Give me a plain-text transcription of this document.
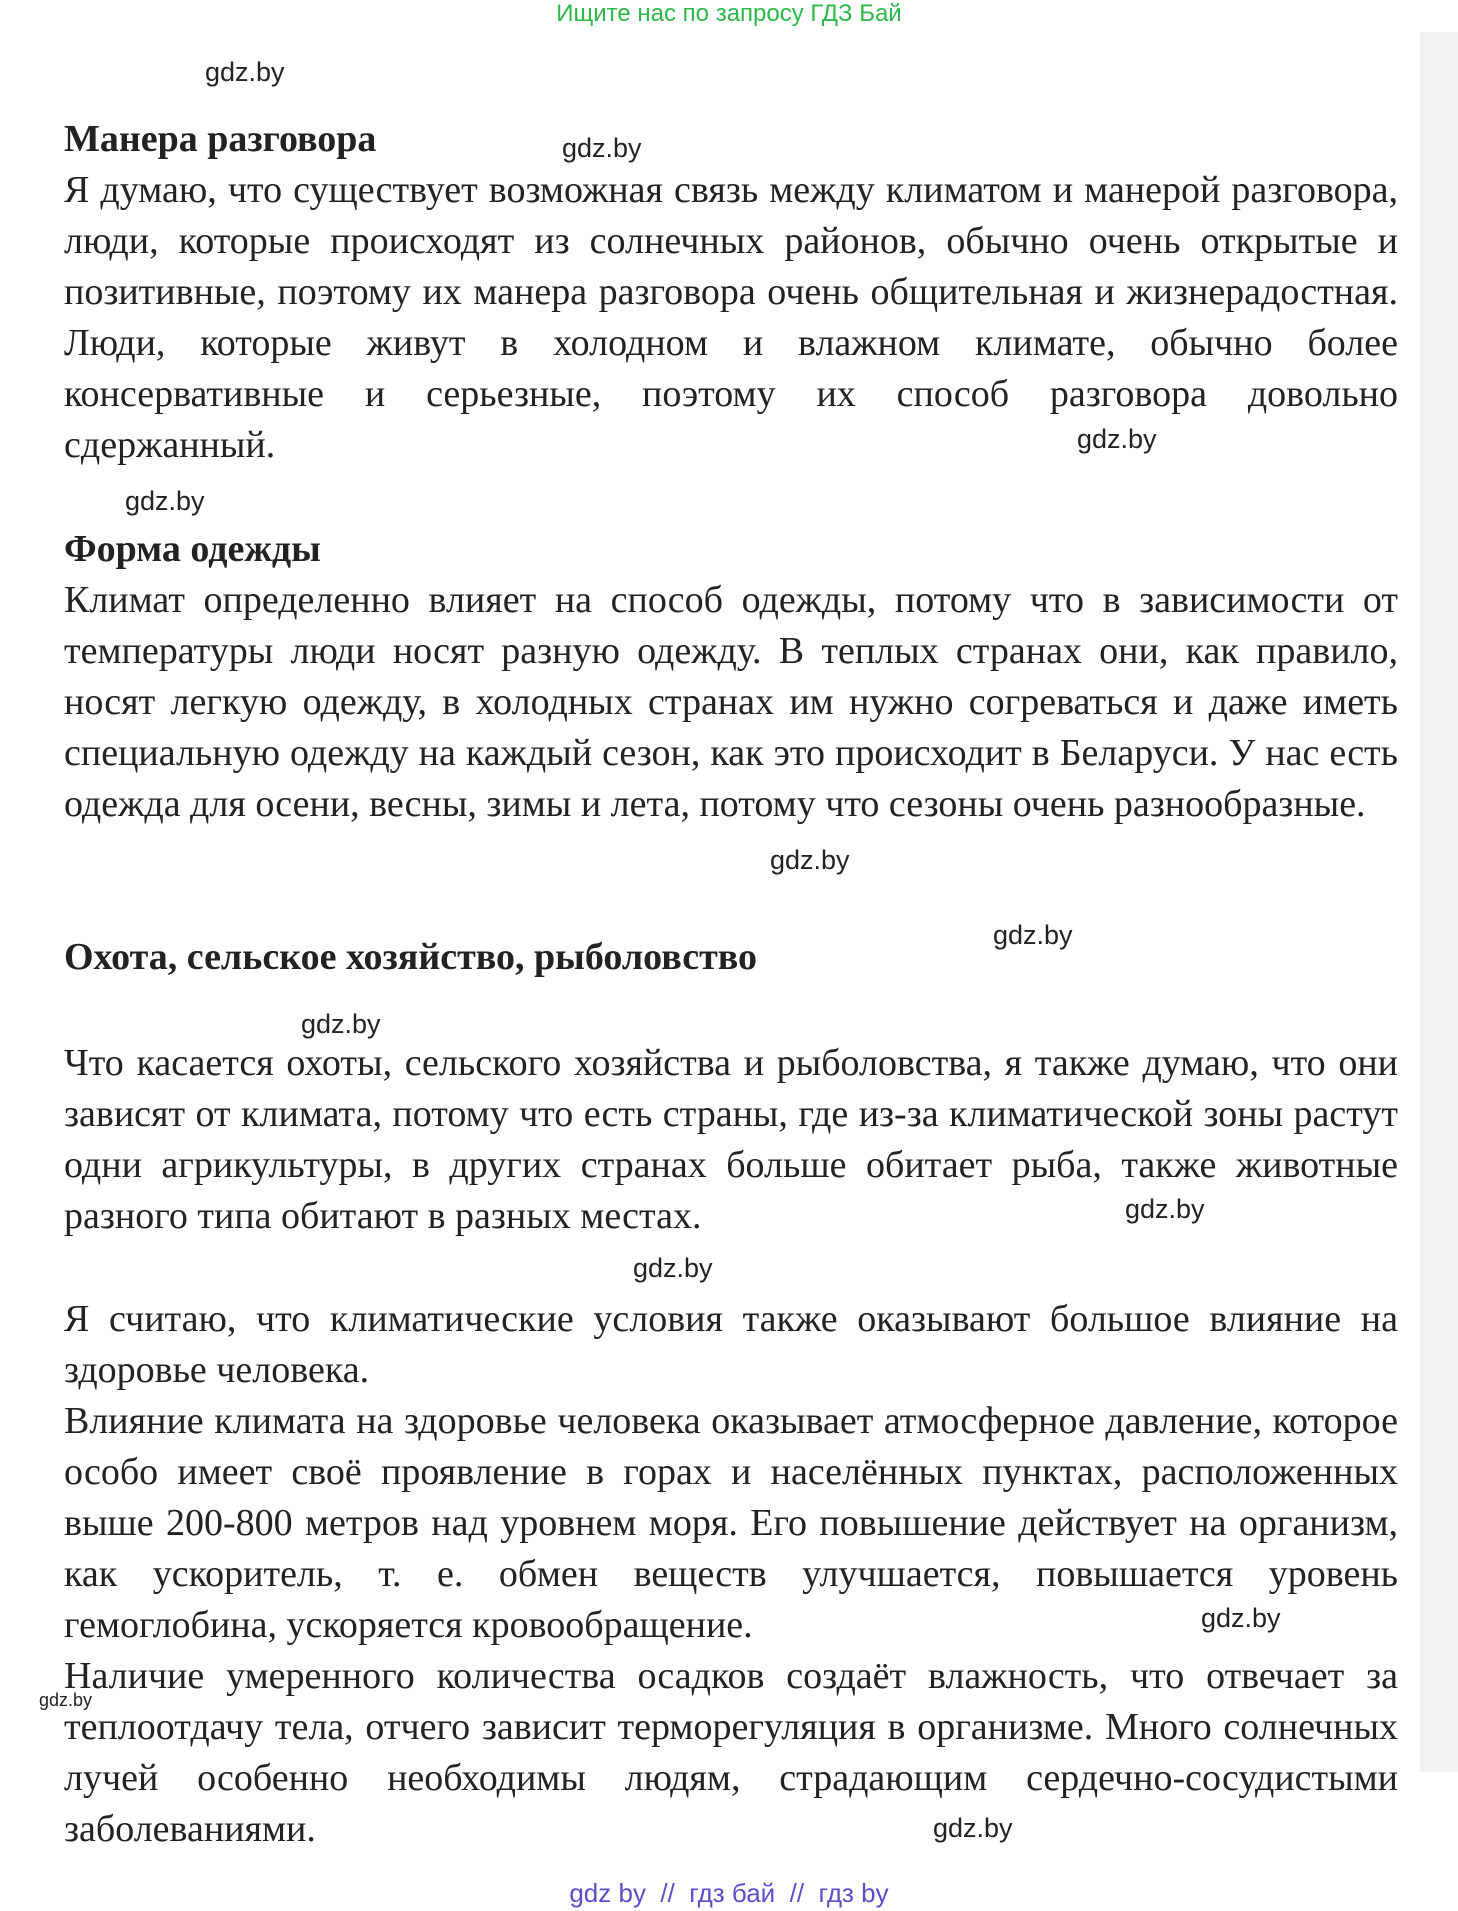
Ищите нас по запросу ГДЗ Бай
Манера разговора

Я думаю, что существует возможная связь между климатом и манерой разговора, люди, которые происходят из солнечных районов, обычно очень открытые и позитивные, поэтому их манера разговора очень общительная и жизнерадостная. Люди, которые живут в холодном и влажном климате, обычно более консервативные и серьезные, поэтому их способ разговора довольно сдержанный.

Форма одежды

Климат определенно влияет на способ одежды, потому что в зависимости от температуры люди носят разную одежду. В теплых странах они, как правило, носят легкую одежду, в холодных странах им нужно согреваться и даже иметь специальную одежду на каждый сезон, как это происходит в Беларуси. У нас есть одежда для осени, весны, зимы и лета, потому что сезоны очень разнообразные.

Охота, сельское хозяйство, рыболовство

Что касается охоты, сельского хозяйства и рыболовства, я также думаю, что они зависят от климата, потому что есть страны, где из-за климатической зоны растут одни агрикультуры, в других странах больше обитает рыба, также животные разного типа обитают в разных местах.

Я считаю, что климатические условия также оказывают большое влияние на здоровье человека.

Влияние климата на здоровье человека оказывает атмосферное давление, которое особо имеет своё проявление в горах и населённых пунктах, расположенных выше 200-800 метров над уровнем моря. Его повышение действует на организм, как ускоритель, т. е. обмен веществ улучшается, повышается уровень гемоглобина, ускоряется кровообращение.

Наличие умеренного количества осадков создаёт влажность, что отвечает за теплоотдачу тела, отчего зависит терморегуляция в организме. Много солнечных лучей особенно необходимы людям, страдающим сердечно-сосудистыми заболеваниями.

gdz.by
gdz.by
gdz.by
gdz.by
gdz.by
gdz.by
gdz.by
gdz.by
gdz.by
gdz.by
gdz.by
gdz.by
gdz by  //  гдз бай  //  гдз by
